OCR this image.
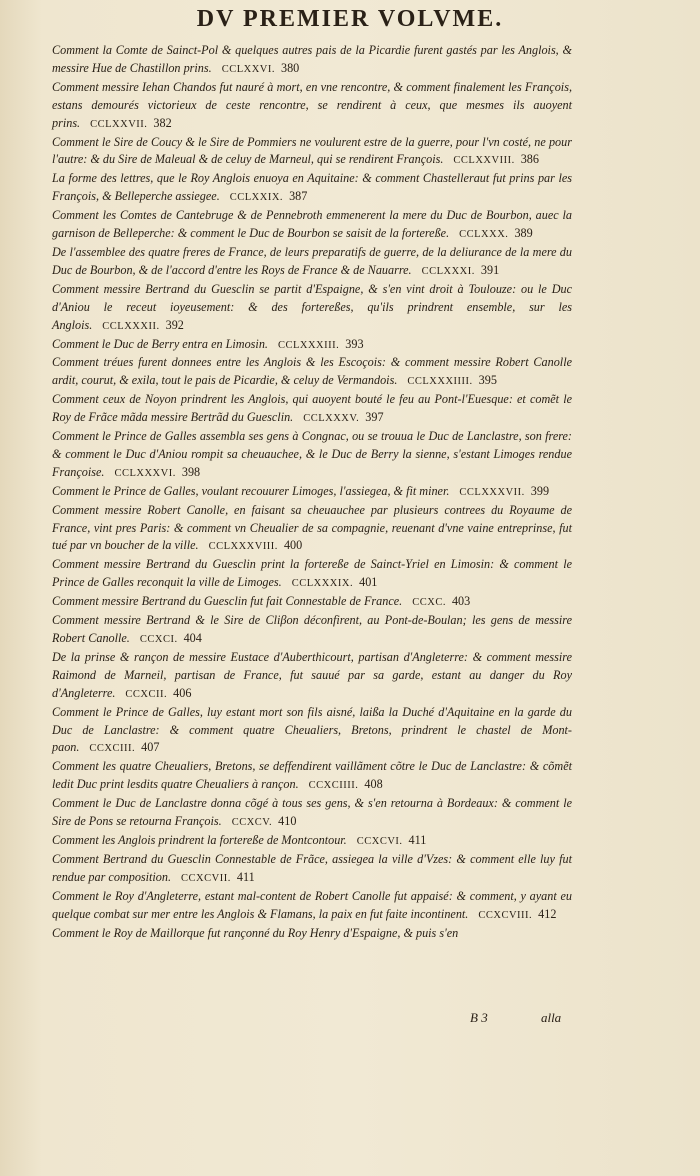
DV PREMIER VOLVME.
Comment la Comte de Sainct-Pol & quelques autres pais de la Picardie furent gastés par les Anglois, & messire Hue de Chastillon prins. CCLXXVI. 380
Comment messire Iehan Chandos fut nauré à mort, en vne rencontre, & comment finalement les François, estans demourés victorieux de ceste rencontre, se rendirent à ceux, que mesmes ils auoyent prins. CCLXXVII. 382
Comment le Sire de Coucy & le Sire de Pommiers ne voulurent estre de la guerre, pour l'vn costé, ne pour l'autre: & du Sire de Maleual & de celuy de Marneul, qui se rendirent François. CCLXXVIII. 386
La forme des lettres, que le Roy Anglois enuoya en Aquitaine: & comment Chastelleraut fut prins par les François, & Belleperche assiegee. CCLXXIX. 387
Comment les Comtes de Cantebruge & de Pennebroth emmenerent la mere du Duc de Bourbon, auec la garnison de Belleperche: & comment le Duc de Bourbon se saisit de la fortereße. CCLXXX. 389
De l'assemblee des quatre freres de France, de leurs preparatifs de guerre, de la deliurance de la mere du Duc de Bourbon, & de l'accord d'entre les Roys de France & de Nauarre. CCLXXXI. 391
Comment messire Bertrand du Guesclin se partit d'Espaigne, & s'en vint droit à Toulouze: ou le Duc d'Aniou le receut ioyeusement: & des fortereßes, qu'ils prindrent ensemble, sur les Anglois. CCLXXXII. 392
Comment le Duc de Berry entra en Limosin. CCLXXXIII. 393
Comment tréues furent donnees entre les Anglois & les Escoçois: & comment messire Robert Canolle ardit, courut, & exila, tout le pais de Picardie, & celuy de Vermandois. CCLXXXIIII. 395
Comment ceux de Noyon prindrent les Anglois, qui auoyent bouté le feu au Pont-l'Euesque: et comẽt le Roy de Frãce mãda messire Bertrãd du Guesclin. CCLXXXV. 397
Comment le Prince de Galles assembla ses gens à Congnac, ou se trouua le Duc de Lanclastre, son frere: & comment le Duc d'Aniou rompit sa cheuauchee, & le Duc de Berry la sienne, s'estant Limoges rendue Françoise. CCLXXXVI. 398
Comment le Prince de Galles, voulant recouurer Limoges, l'assiegea, & fit miner. CCLXXXVII. 399
Comment messire Robert Canolle, en faisant sa cheuauchee par plusieurs contrees du Royaume de France, vint pres Paris: & comment vn Cheualier de sa compagnie, reuenant d'vne vaine entreprinse, fut tué par vn boucher de la ville. CCLXXXVIII. 400
Comment messire Bertrand du Guesclin print la fortereße de Sainct-Yriel en Limosin: & comment le Prince de Galles reconquit la ville de Limoges. CCLXXXIX. 401
Comment messire Bertrand du Guesclin fut fait Connestable de France. CCXC. 403
Comment messire Bertrand & le Sire de Cliβon déconfirent, au Pont-de-Boulan; les gens de messire Robert Canolle. CCXCI. 404
De la prinse & rançon de messire Eustace d'Auberthicourt, partisan d'Angleterre: & comment messire Raimond de Marneil, partisan de France, fut sauué par sa garde, estant au danger du Roy d'Angleterre. CCXCII. 406
Comment le Prince de Galles, luy estant mort son fils aisné, laißa la Duché d'Aquitaine en la garde du Duc de Lanclastre: & comment quatre Cheualiers, Bretons, prindrent le chastel de Mont-paon. CCXCIII. 407
Comment les quatre Cheualiers, Bretons, se deffendirent vaillãment cõtre le Duc de Lanclastre: & cõmẽt ledit Duc print lesdits quatre Cheualiers à rançon. CCXCIIII. 408
Comment le Duc de Lanclastre donna cõgé à tous ses gens, & s'en retourna à Bordeaux: & comment le Sire de Pons se retourna François. CCXCV. 410
Comment les Anglois prindrent la fortereße de Montcontour. CCXCVI. 411
Comment Bertrand du Guesclin Connestable de Frãce, assiegea la ville d'Vzes: & comment elle luy fut rendue par composition. CCXCVII. 411
Comment le Roy d'Angleterre, estant mal-content de Robert Canolle fut appaisé: & comment, y ayant eu quelque combat sur mer entre les Anglois & Flamans, la paix en fut faite incontinent. CCXCVIII. 412
Comment le Roy de Maillorque fut rançonné du Roy Henry d'Espaigne, & puis s'en
B 3	alla
